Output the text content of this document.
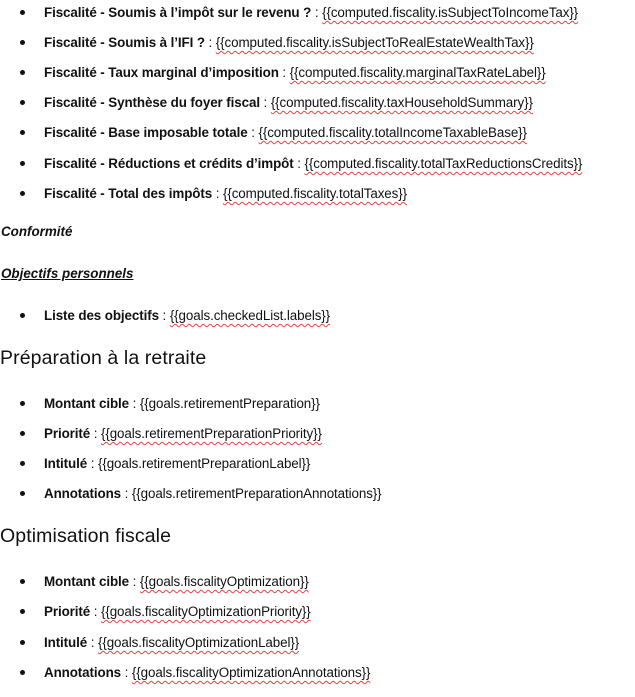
Fiscalité - Soumis à l’impôt sur le revenu ? : {{computed.fiscality.isSubjectToIncomeTax}}
Fiscalité - Soumis à l’IFI ? : {{computed.fiscality.isSubjectToRealEstateWealthTax}}
Fiscalité - Taux marginal d’imposition : {{computed.fiscality.marginalTaxRateLabel}}
Fiscalité - Synthèse du foyer fiscal : {{computed.fiscality.taxHouseholdSummary}}
Fiscalité - Base imposable totale : {{computed.fiscality.totalIncomeTaxableBase}}
Fiscalité - Réductions et crédits d’impôt : {{computed.fiscality.totalTaxReductionsCredits}}
Fiscalité - Total des impôts : {{computed.fiscality.totalTaxes}}
Conformité
Objectifs personnels
Liste des objectifs : {{goals.checkedList.labels}}
Préparation à la retraite
Montant cible : {{goals.retirementPreparation}}
Priorité : {{goals.retirementPreparationPriority}}
Intitulé : {{goals.retirementPreparationLabel}}
Annotations : {{goals.retirementPreparationAnnotations}}
Optimisation fiscale
Montant cible : {{goals.fiscalityOptimization}}
Priorité : {{goals.fiscalityOptimizationPriority}}
Intitulé : {{goals.fiscalityOptimizationLabel}}
Annotations : {{goals.fiscalityOptimizationAnnotations}}
